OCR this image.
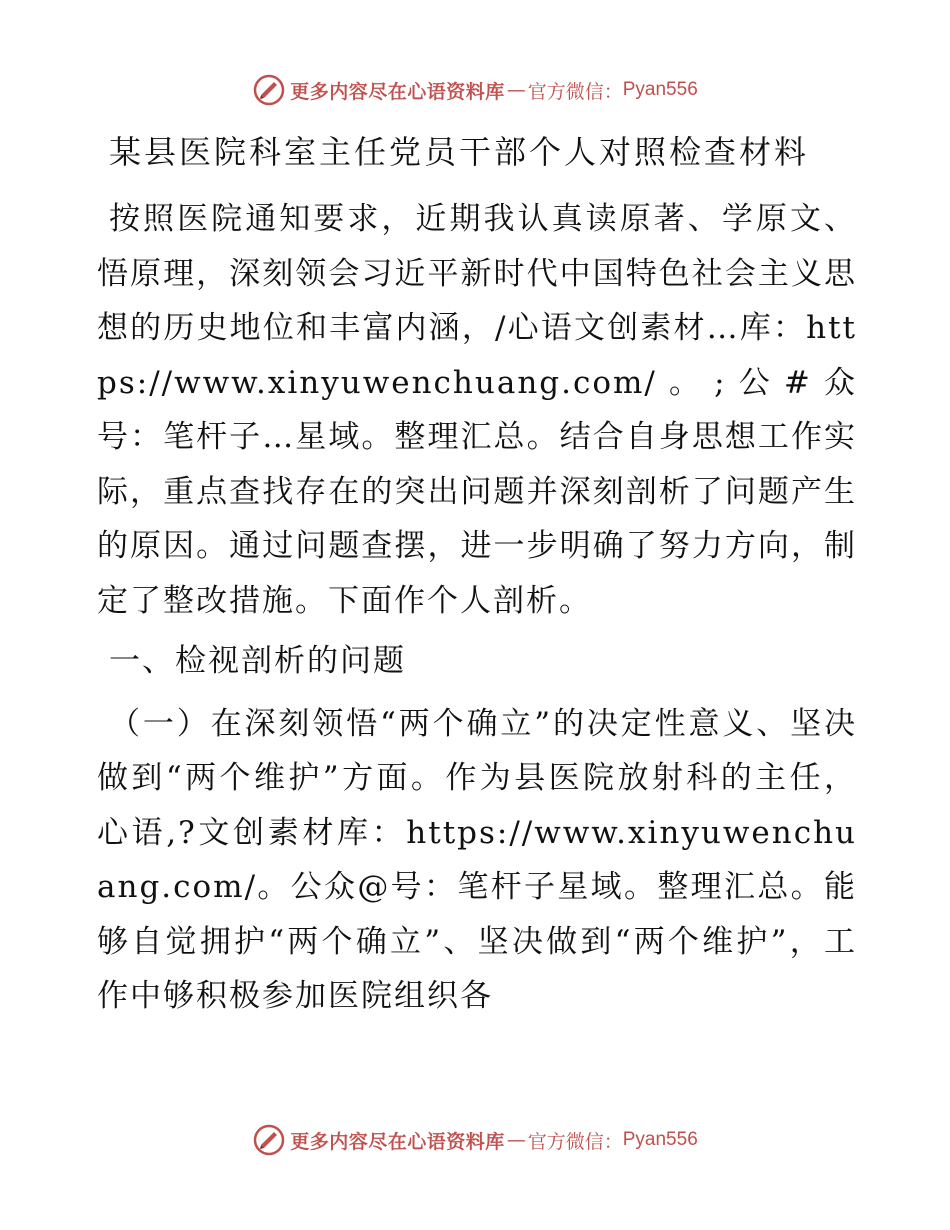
更多内容尽在心语资料库 — 官方微信： Pyan556
某县医院科室主任党员干部个人对照检查材料

按照医院通知要求，近期我认真读原著、学原文、悟原理，深刻领会习近平新时代中国特色社会主义思想的历史地位和丰富内涵，/心语文创素材…库：https://www.xinyuwenchuang.com/。;公#众号：笔杆子…星域。整理汇总。结合自身思想工作实际，重点查找存在的突出问题并深刻剖析了问题产生的原因。通过问题查摆，进一步明确了努力方向，制定了整改措施。下面作个人剖析。

一、检视剖析的问题

（一）在深刻领悟“两个确立”的决定性意义、坚决做到“两个维护”方面。作为县医院放射科的主任，心语,?文创素材库：https://www.xinyuwenchuang.com/。公众@号：笔杆子星域。整理汇总。能够自觉拥护“两个确立”、坚决做到“两个维护”，工作中够积极参加医院组织各

更多内容尽在心语资料库 — 官方微信： Pyan556
